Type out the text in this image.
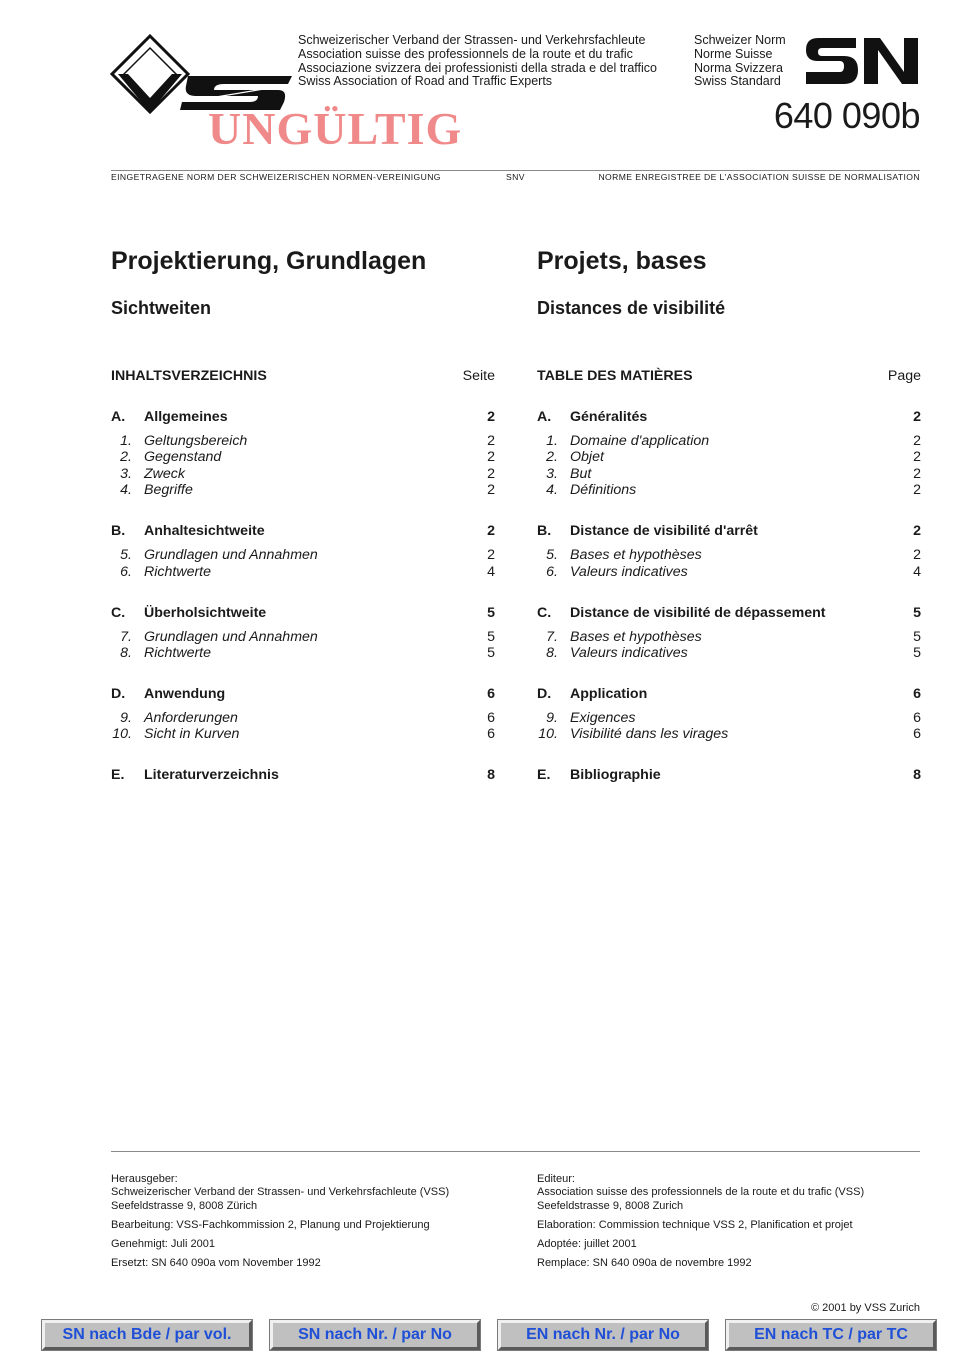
UNGÜLTIG
Schweizerischer Verband der Strassen- und Verkehrsfachleute
Association suisse des professionnels de la route et du trafic
Associazione svizzera dei professionisti della strada e del traffico
Swiss Association of Road and Traffic Experts
Schweizer Norm
Norme Suisse
Norma Svizzera
Swiss Standard
640 090b
EINGETRAGENE NORM DER SCHWEIZERISCHEN NORMEN-VEREINIGUNG	SNV	NORME ENREGISTREE DE L'ASSOCIATION SUISSE DE NORMALISATION
Projektierung, Grundlagen	Projets, bases
Sichtweiten	Distances de visibilité
INHALTSVERZEICHNIS	Seite
A. Allgemeines	2
1. Geltungsbereich	2
2. Gegenstand	2
3. Zweck	2
4. Begriffe	2
B. Anhaltesichtweite	2
5. Grundlagen und Annahmen	2
6. Richtwerte	4
C. Überholsichtweite	5
7. Grundlagen und Annahmen	5
8. Richtwerte	5
D. Anwendung	6
9. Anforderungen	6
10. Sicht in Kurven	6
E. Literaturverzeichnis	8
TABLE DES MATIÈRES	Page
A. Généralités	2
1. Domaine d'application	2
2. Objet	2
3. But	2
4. Définitions	2
B. Distance de visibilité d'arrêt	2
5. Bases et hypothèses	2
6. Valeurs indicatives	4
C. Distance de visibilité de dépassement	5
7. Bases et hypothèses	5
8. Valeurs indicatives	5
D. Application	6
9. Exigences	6
10. Visibilité dans les virages	6
E. Bibliographie	8
Herausgeber:
Schweizerischer Verband der Strassen- und Verkehrsfachleute (VSS)
Seefeldstrasse 9, 8008 Zürich
Bearbeitung: VSS-Fachkommission 2, Planung und Projektierung
Genehmigt: Juli 2001
Ersetzt: SN 640 090a vom November 1992
Editeur:
Association suisse des professionnels de la route et du trafic (VSS)
Seefeldstrasse 9, 8008 Zurich
Elaboration: Commission technique VSS 2, Planification et projet
Adoptée: juillet 2001
Remplace: SN 640 090a de novembre 1992
© 2001 by VSS Zurich
SN nach Bde / par vol.	SN nach Nr. / par No	EN nach Nr. / par No	EN nach TC / par TC
